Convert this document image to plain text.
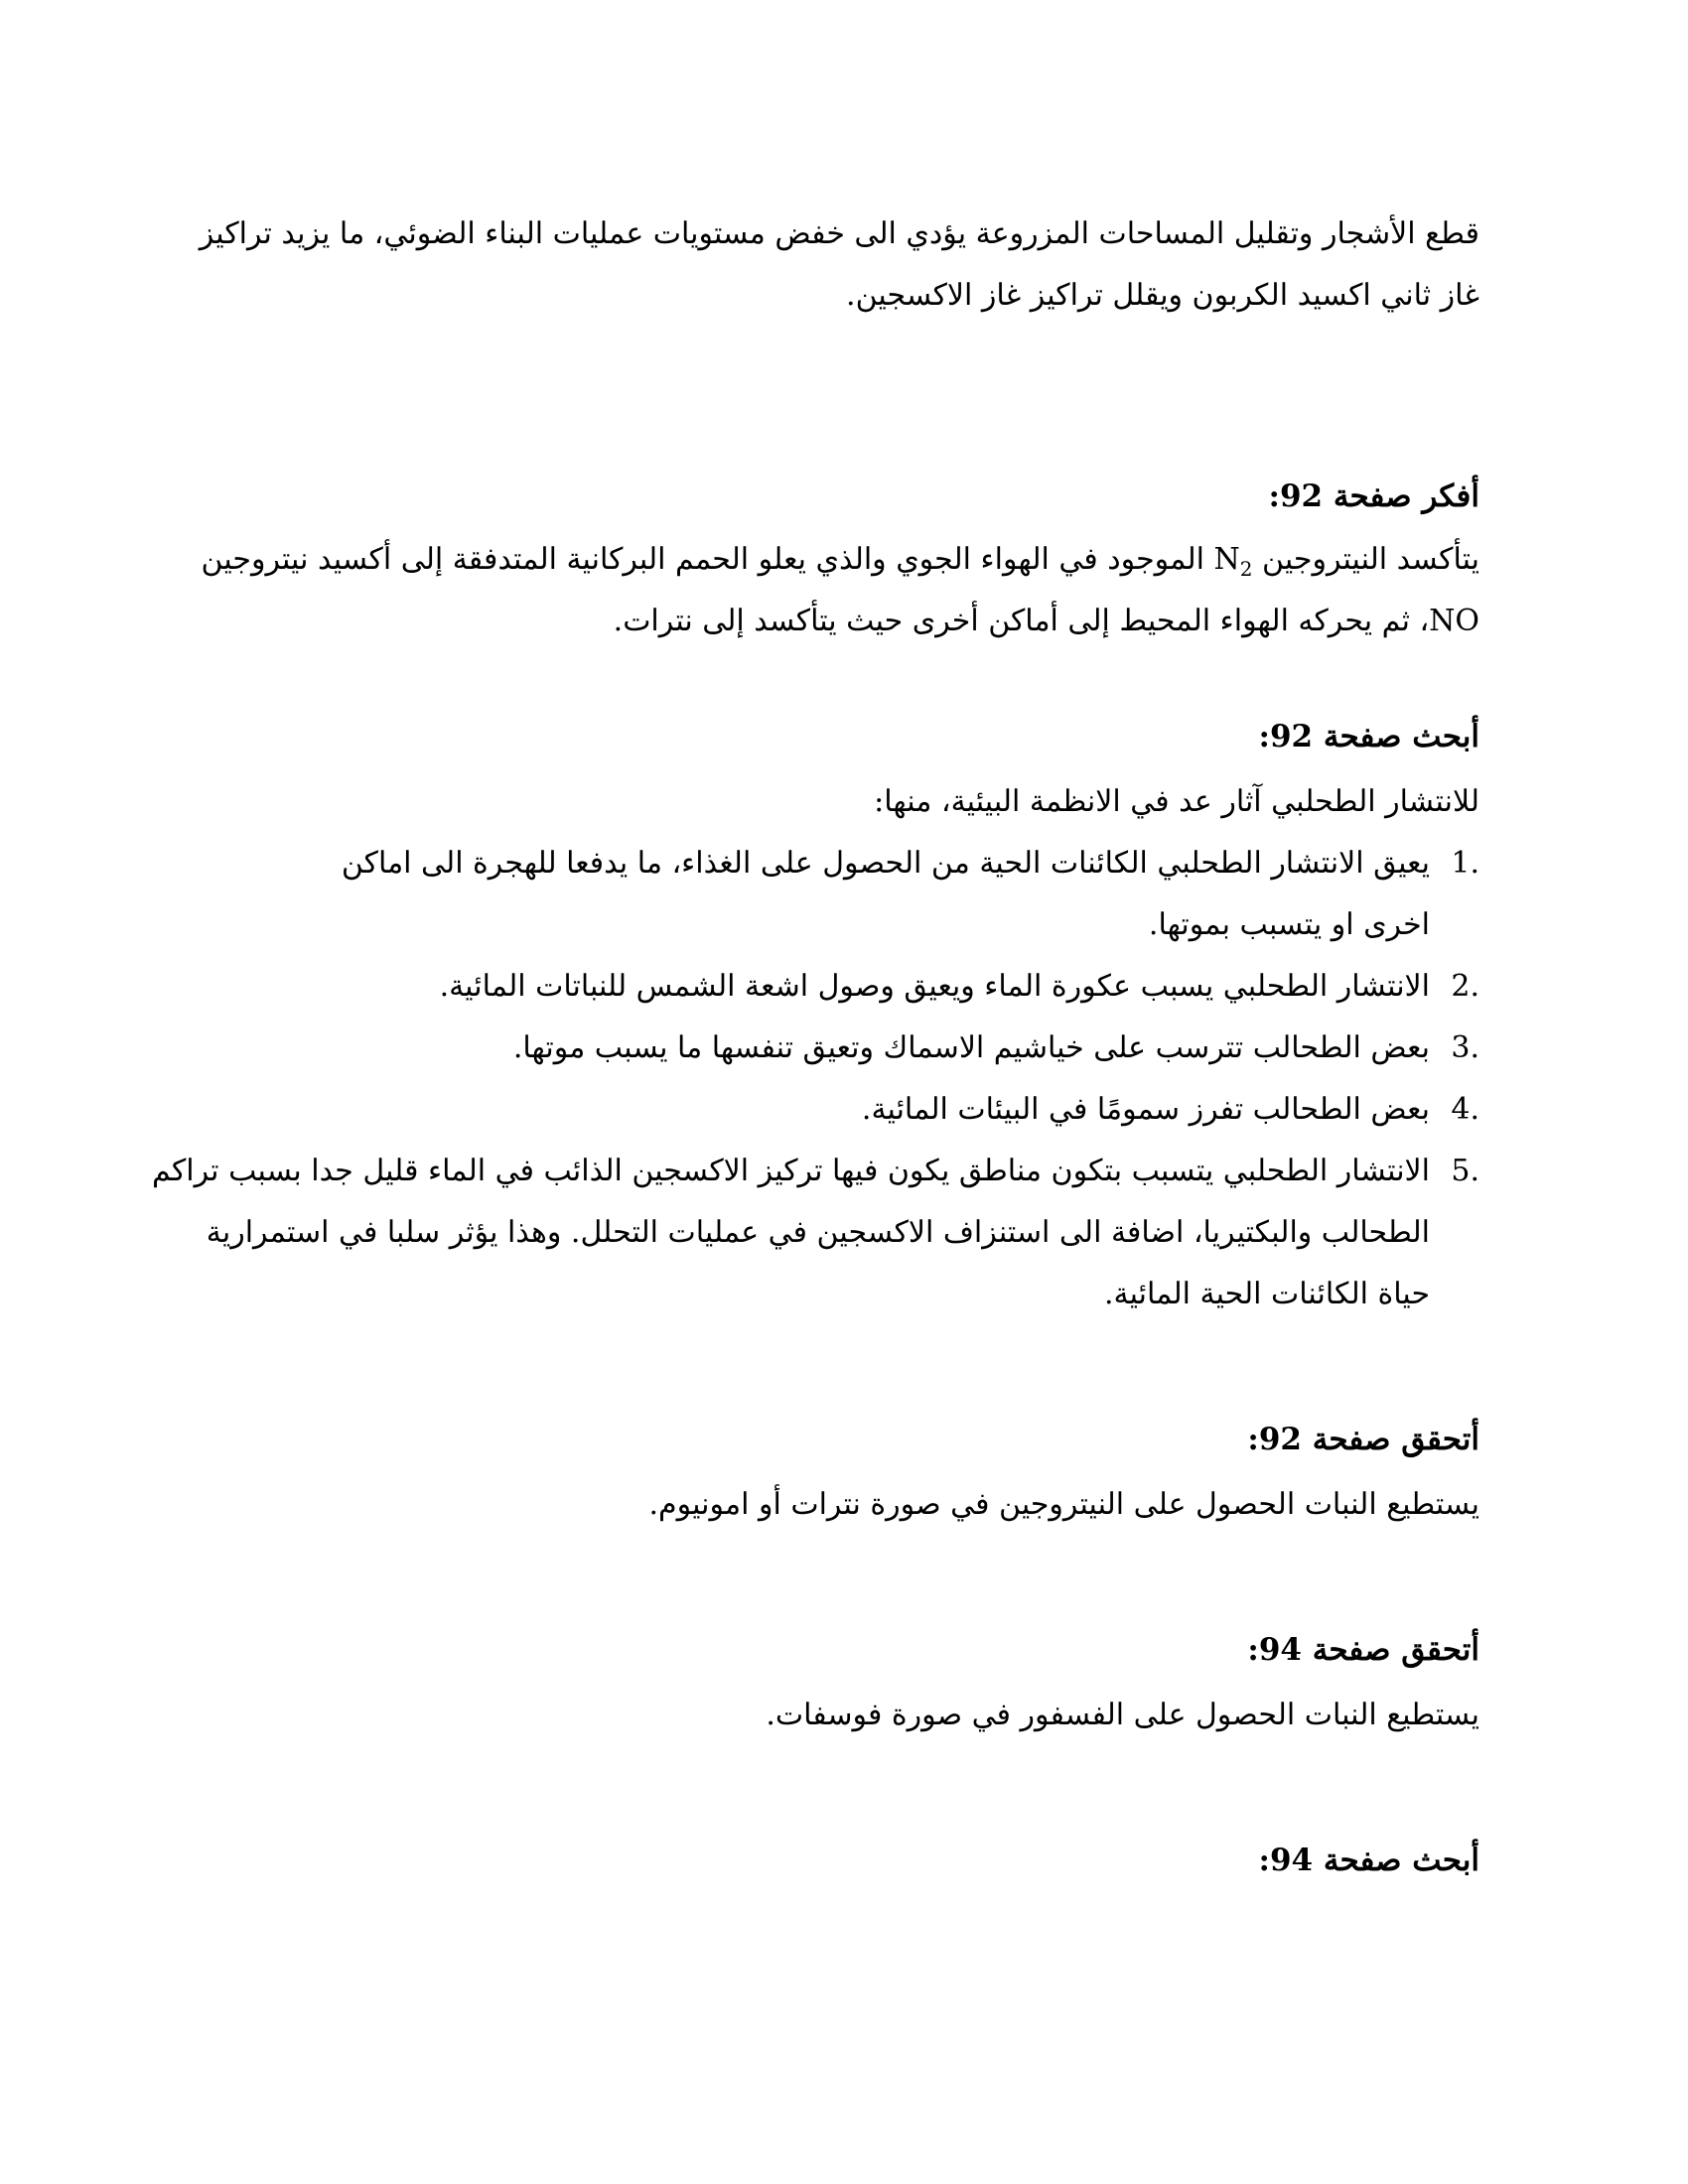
قطع الأشجار وتقليل المساحات المزروعة يؤدي الى خفض مستويات عمليات البناء الضوئي، ما يزيد تراكيز غاز ثاني اكسيد الكربون ويقلل تراكيز غاز الاكسجين.

أفكر صفحة 92:

يتأكسد النيتروجين $N_2$ الموجود في الهواء الجوي والذي يعلو الحمم البركانية المتدفقة إلى أكسيد نيتروجين NO، ثم يحركه الهواء المحيط إلى أماكن أخرى حيث يتأكسد إلى نترات.

أبحث صفحة 92:

للانتشار الطحلبي آثار عد في الانظمة البيئية، منها:

1.
يعيق الانتشار الطحلبي الكائنات الحية من الحصول على الغذاء، ما يدفعا للهجرة الى اماكن اخرى او يتسبب بموتها.
2.
الانتشار الطحلبي يسبب عكورة الماء ويعيق وصول اشعة الشمس للنباتات المائية.
3.
بعض الطحالب تترسب على خياشيم الاسماك وتعيق تنفسها ما يسبب موتها.
4.
بعض الطحالب تفرز سمومًا في البيئات المائية.
5.
الانتشار الطحلبي يتسبب بتكون مناطق يكون فيها تركيز الاكسجين الذائب في الماء قليل جدا بسبب تراكم الطحالب والبكتيريا، اضافة الى استنزاف الاكسجين في عمليات التحلل. وهذا يؤثر سلبا في استمرارية حياة الكائنات الحية المائية.

أتحقق صفحة 92:

يستطيع النبات الحصول على النيتروجين في صورة نترات أو امونيوم.

أتحقق صفحة 94:

يستطيع النبات الحصول على الفسفور في صورة فوسفات.

أبحث صفحة 94:
